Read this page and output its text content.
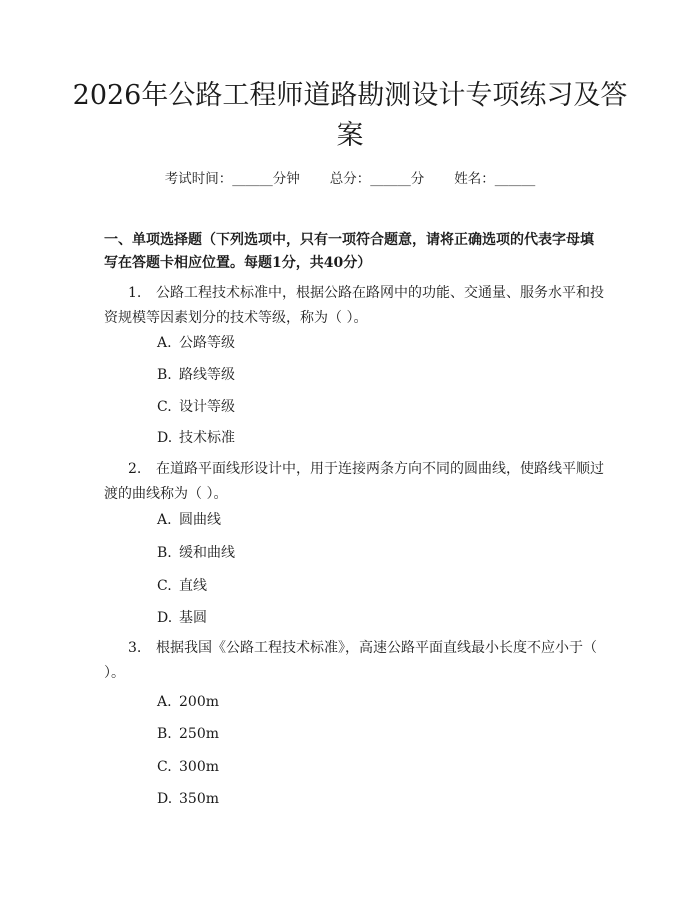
2026年公路工程师道路勘测设计专项练习及答案
考试时间：______分钟 总分：______分 姓名：______
一、单项选择题（下列选项中，只有一项符合题意，请将正确选项的代表字母填写在答题卡相应位置。每题1分，共40分）
1. 公路工程技术标准中，根据公路在路网中的功能、交通量、服务水平和投资规模等因素划分的技术等级，称为（ ）。
A. 公路等级
B. 路线等级
C. 设计等级
D. 技术标准
2. 在道路平面线形设计中，用于连接两条方向不同的圆曲线，使路线平顺过渡的曲线称为（ ）。
A. 圆曲线
B. 缓和曲线
C. 直线
D. 基圆
3. 根据我国《公路工程技术标准》，高速公路平面直线最小长度不应小于（ ）。
A. 200m
B. 250m
C. 300m
D. 350m
